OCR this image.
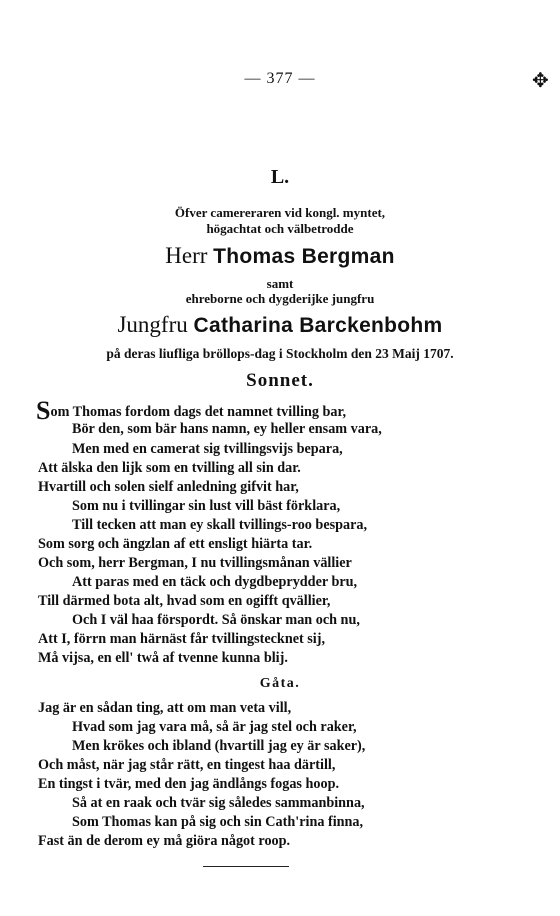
— 377 —	✥
L.
Öfver camereraren vid kongl. myntet,
högachtat och välbetrodde
Herr Thomas Bergman
samt
ehreborne och dygderijke jungfru
Jungfru Catharina Barckenbohm
på deras liufliga bröllops-dag i Stockholm den 23 Maij 1707.
Sonnet.
Som Thomas fordom dags det namnet tvilling bar,
Bör den, som bär hans namn, ey heller ensam vara,
Men med en camerat sig tvillingsvijs bepara,
Att älska den lijk som en tvilling all sin dar.
Hvartill och solen sielf anledning gifvit har,
Som nu i tvillingar sin lust vill bäst förklara,
Till tecken att man ey skall tvillings-roo bespara,
Som sorg och ängzlan af ett ensligt hiärta tar.
Och som, herr Bergman, I nu tvillingsmånan vällier
Att paras med en täck och dygdbeprydder bru,
Till därmed bota alt, hvad som en ogifft qvällier,
Och I väl haa förspordt. Så önskar man och nu,
Att I, förrn man härnäst får tvillingstecknet sij,
Må vijsa, en ell' twå af tvenne kunna blij.
Gåta.
Jag är en sådan ting, att om man veta vill,
Hvad som jag vara må, så är jag stel och raker,
Men krökes och ibland (hvartill jag ey är saker),
Och måst, när jag står rätt, en tingest haa därtill,
En tingst i tvär, med den jag ändlångs fogas hoop.
Så at en raak och tvär sig således sammanbinna,
Som Thomas kan på sig och sin Cath'rina finna,
Fast än de derom ey må giöra något roop.
